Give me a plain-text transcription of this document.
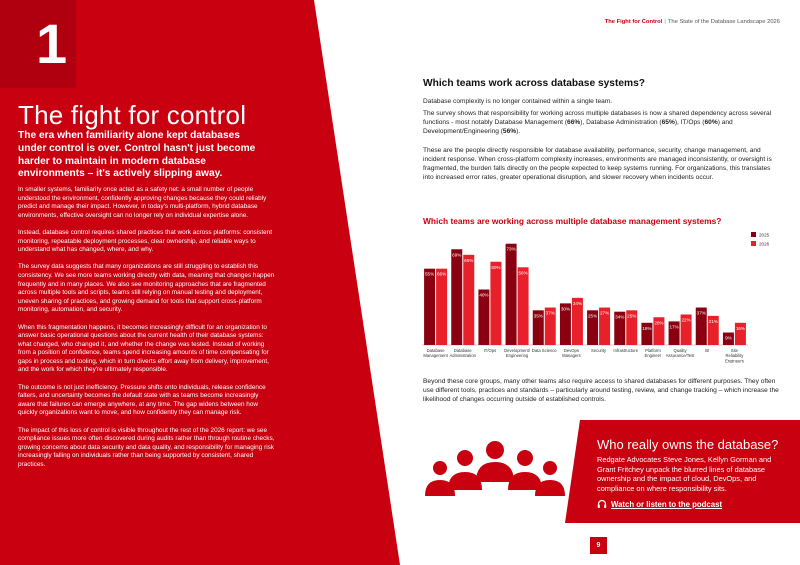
1
The fight for control
The era when familiarity alone kept databases under control is over. Control hasn't just become harder to maintain in modern database environments – it's actively slipping away.

In smaller systems, familiarity once acted as a safety net: a small number of people understood the environment, confidently approving changes because they could reliably predict and manage their impact. However, in today's multi-platform, hybrid database environments, effective oversight can no longer rely on individual expertise alone.

Instead, database control requires shared practices that work across platforms: consistent monitoring, repeatable deployment processes, clear ownership, and reliable ways to understand what has changed, where, and why.

The survey data suggests that many organizations are still struggling to establish this consistency. We see more teams working directly with data, meaning that changes happen frequently and in many places. We also see monitoring approaches that are fragmented across multiple tools and scripts, teams still relying on manual testing and deployment, uneven sharing of practices, and growing demand for tools that support cross-platform monitoring, automation, and security.

When this fragmentation happens, it becomes increasingly difficult for an organization to answer basic operational questions about the current health of their database systems: what changed, who changed it, and whether the change was tested. Instead of working from a position of confidence, teams spend increasing amounts of time compensating for gaps in process and tooling, which in turn diverts effort away from delivery, improvement, and the work for which they're ultimately responsible.

The outcome is not just inefficiency. Pressure shifts onto individuals, release confidence falters, and uncertainty becomes the default state with as teams become increasingly aware that failures can emerge anywhere, at any time. The gap widens between how quickly organizations want to move, and how confidently they can manage risk.

The impact of this loss of control is visible throughout the rest of the 2026 report: we see compliance issues more often discovered during audits rather than through routine checks, growing concerns about data security and data quality, and responsibility for managing risk increasingly falling on individuals rather than being supported by consistent, shared practices.

The Fight for Control | The State of the Database Landscape 2026
Which teams work across database systems?
Database complexity is no longer contained within a single team.
The survey shows that responsibility for working across multiple databases is now a shared dependency across several functions - most notably Database Management (66%), Database Administration (65%), IT/Ops (60%) and Development/Engineering (56%).
These are the people directly responsible for database availability, performance, security, change management, and incident response. When cross-platform complexity increases, environments are managed inconsistently, or oversight is fragmented, the burden falls directly on the people expected to keep systems running. For organizations, this translates into increased error rates, greater operational disruption, and slower recovery when incidents occur.
Which teams are working across multiple database management systems?
55% 66%
Database
Management
69%
65%
Database
Administration
40%
60%
IT/Ops
73%
56%
Development/
Engineering
35%
37%
Data Science
30%
34%
DevOps
Managers
25%
27%
Security
34% 25%
Infrastructure
16%
20%
Platform
Engineer
17%
22%
Quality
Assurance/Test
37%
21%
BI
9%
16%
Site
Reliability
Engineers
2025
2026
Beyond these core groups, many other teams also require access to shared databases for different purposes. They often use different tools, practices and standards – particularly around testing, review, and change tracking – which increase the likelihood of changes occurring outside of established controls.
Who really owns the database?
Redgate Advocates Steve Jones, Kellyn Gorman and Grant Fritchey unpack the blurred lines of database ownership and the impact of cloud, DevOps, and compliance on where responsibility sits.
Watch or listen to the podcast
9
